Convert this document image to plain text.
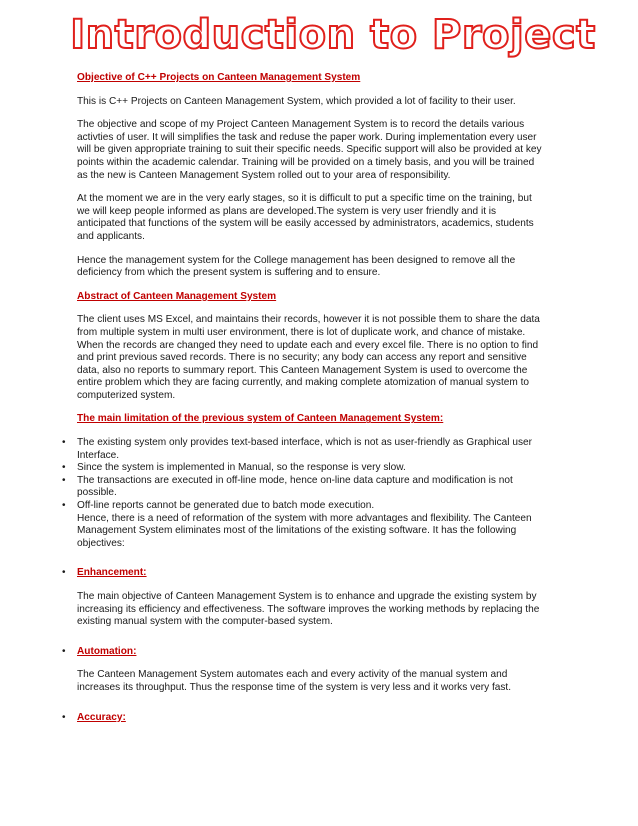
Introduction to Project

Objective of C++ Projects on Canteen Management System

This is C++ Projects on Canteen Management System, which provided a lot of facility to their user.

The objective and scope of my Project Canteen Management System is to record the details various activties of user. It will simplifies the task and reduse the paper work. During implementation every user will be given appropriate training to suit their specific needs. Specific support will also be provided at key points within the academic calendar. Training will be provided on a timely basis, and you will be trained as the new is Canteen Management System rolled out to your area of responsibility.

At the moment we are in the very early stages, so it is difficult to put a specific time on the training, but we will keep people informed as plans are developed.The system is very user friendly and it is anticipated that functions of the system will be easily accessed by administrators, academics, students and applicants.

Hence the management system for the College management has been designed to remove all the deficiency from which the present system is suffering and to ensure.

Abstract of Canteen Management System

The client uses MS Excel, and maintains their records, however it is not possible them to share the data from multiple system in multi user environment, there is lot of duplicate work, and chance of mistake. When the records are changed they need to update each and every excel file. There is no option to find and print previous saved records. There is no security; any body can access any report and sensitive data, also no reports to summary report. This Canteen Management System is used to overcome the entire problem which they are facing currently, and making complete atomization of manual system to computerized system.

The main limitation of the previous system of Canteen Management System:

• The existing system only provides text-based interface, which is not as user-friendly as Graphical user Interface.
• Since the system is implemented in Manual, so the response is very slow.
• The transactions are executed in off-line mode, hence on-line data capture and modification is not possible.
• Off-line reports cannot be generated due to batch mode execution.
Hence, there is a need of reformation of the system with more advantages and flexibility. The Canteen Management System eliminates most of the limitations of the existing software. It has the following objectives:
• Enhancement:

The main objective of Canteen Management System is to enhance and upgrade the existing system by increasing its efficiency and effectiveness. The software improves the working methods by replacing the existing manual system with the computer-based system.

• Automation:

The Canteen Management System automates each and every activity of the manual system and increases its throughput. Thus the response time of the system is very less and it works very fast.

• Accuracy:
